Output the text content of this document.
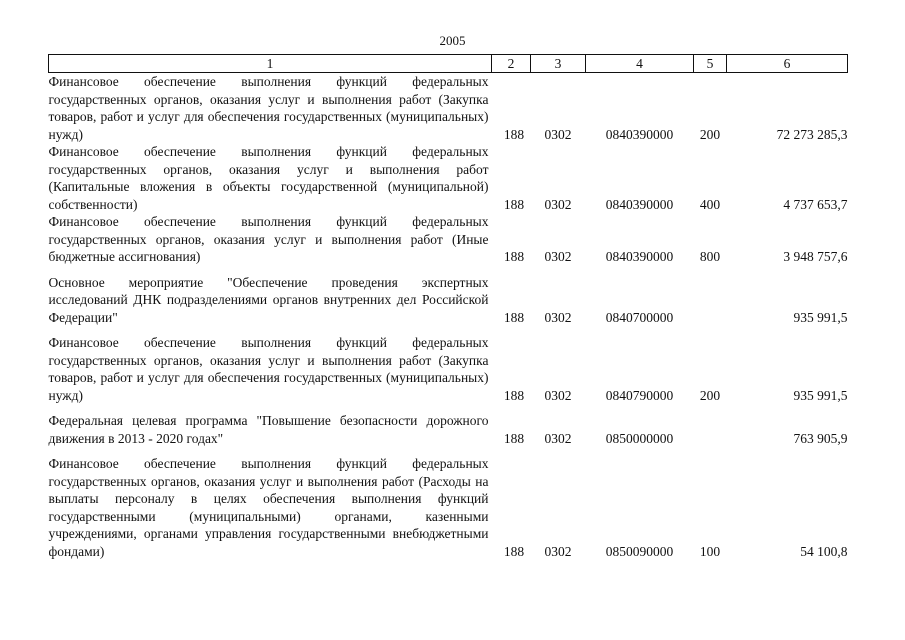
2005
1	2	3	4	5	6
Финансовое обеспечение выполнения функций федеральных государственных органов, оказания услуг и выполнения работ (Закупка товаров, работ и услуг для обеспечения государственных (муниципальных) нужд)	188	0302	0840390000	200	72 273 285,3
Финансовое обеспечение выполнения функций федеральных государственных органов, оказания услуг и выполнения работ (Капитальные вложения в объекты государственной (муниципальной) собственности)	188	0302	0840390000	400	4 737 653,7
Финансовое обеспечение выполнения функций федеральных государственных органов, оказания услуг и выполнения работ (Иные бюджетные ассигнования)	188	0302	0840390000	800	3 948 757,6

Основное мероприятие "Обеспечение проведения экспертных исследований ДНК подразделениями органов внутренних дел Российской Федерации"	188	0302	0840700000		935 991,5

Финансовое обеспечение выполнения функций федеральных государственных органов, оказания услуг и выполнения работ (Закупка товаров, работ и услуг для обеспечения государственных (муниципальных) нужд)	188	0302	0840790000	200	935 991,5

Федеральная целевая программа "Повышение безопасности дорожного движения в 2013 - 2020 годах"	188	0302	0850000000		763 905,9

Финансовое обеспечение выполнения функций федеральных государственных органов, оказания услуг и выполнения работ (Расходы на выплаты персоналу в целях обеспечения выполнения функций государственными (муниципальными) органами, казенными учреждениями, органами управления государственными внебюджетными фондами)	188	0302	0850090000	100	54 100,8
